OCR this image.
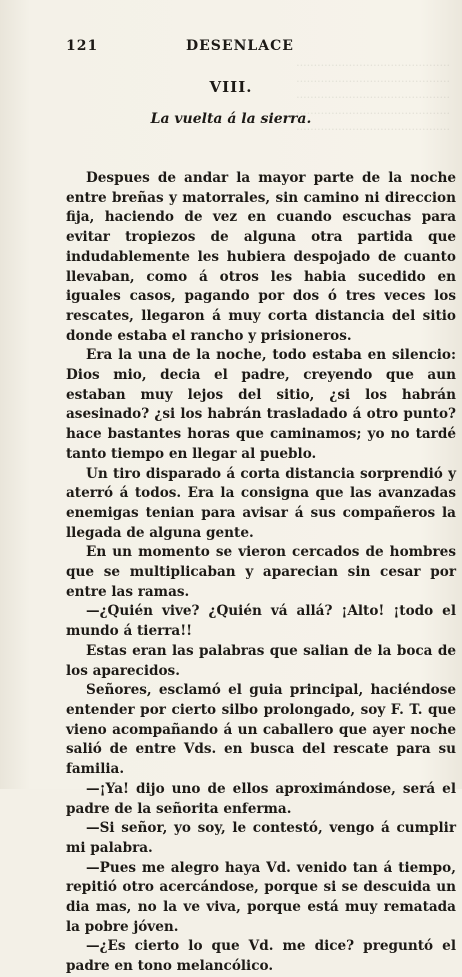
············································
············································
············································
············································
············································
121	DESENLACE
VIII.
La vuelta á la sierra.

Despues de andar la mayor parte de la noche entre breñas y matorrales, sin camino ni direccion fija, haciendo de vez en cuando escuchas para evitar tropiezos de alguna otra partida que indudablemente les hubiera despojado de cuanto llevaban, como á otros les habia sucedido en iguales casos, pagando por dos ó tres veces los rescates, llegaron á muy corta distancia del sitio donde estaba el rancho y prisioneros.

Era la una de la noche, todo estaba en silencio: Dios mio, decia el padre, creyendo que aun estaban muy lejos del sitio, ¿si los habrán asesinado? ¿si los habrán trasladado á otro punto? hace bastantes horas que caminamos; yo no tardé tanto tiempo en llegar al pueblo.

Un tiro disparado á corta distancia sorprendió y aterró á todos. Era la consigna que las avanzadas enemigas tenian para avisar á sus compañeros la llegada de alguna gente.

En un momento se vieron cercados de hombres que se multiplicaban y aparecian sin cesar por entre las ramas.

—¿Quién vive? ¿Quién vá allá? ¡Alto! ¡todo el mundo á tierra!!

Estas eran las palabras que salian de la boca de los aparecidos.

Señores, esclamó el guia principal, haciéndose entender por cierto silbo prolongado, soy F. T. que vieno acompañando á un caballero que ayer noche salió de entre Vds. en busca del rescate para su familia.

—¡Ya! dijo uno de ellos aproximándose, será el padre de la señorita enferma.

—Si señor, yo soy, le contestó, vengo á cumplir mi palabra.

—Pues me alegro haya Vd. venido tan á tiempo, repitió otro acercándose, porque si se descuida un dia mas, no la ve viva, porque está muy rematada la pobre jóven.

—¿Es cierto lo que Vd. me dice? preguntó el padre en tono melancólico.
